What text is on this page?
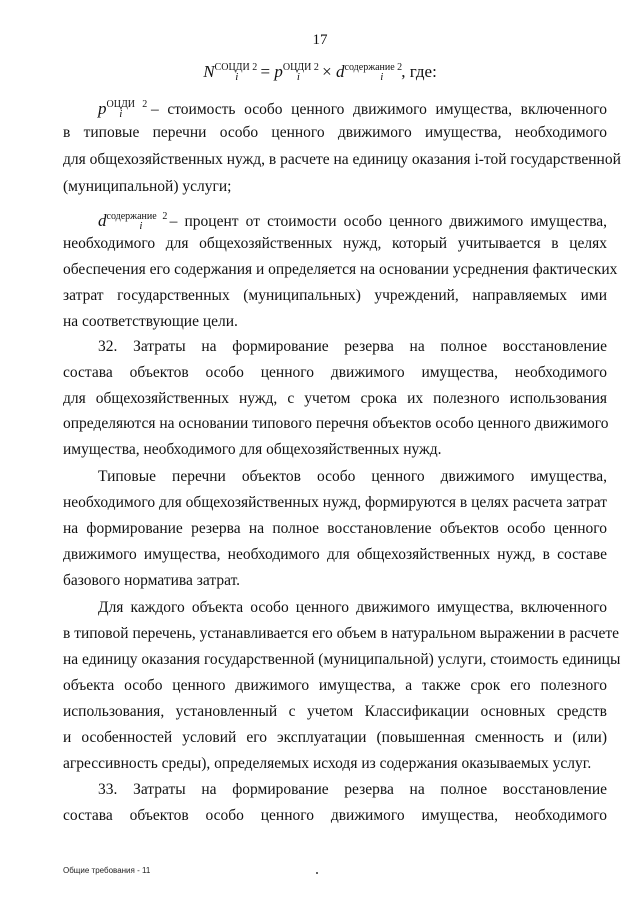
17
$N^{СОЦДИ 2}_i = p^{ОЦДИ 2}_i \times d^{содержание 2}_i$ , где:
$p^{ОЦДИ 2}_i$ – стоимость особо ценного движимого имущества, включенного
в типовые перечни особо ценного движимого имущества, необходимого
для общехозяйственных нужд, в расчете на единицу оказания i-той государственной
(муниципальной) услуги;
$d^{содержание 2}_i$ – процент от стоимости особо ценного движимого имущества,
необходимого для общехозяйственных нужд, который учитывается в целях
обеспечения его содержания и определяется на основании усреднения фактических
затрат государственных (муниципальных) учреждений, направляемых ими
на соответствующие цели.
32. Затраты на формирование резерва на полное восстановление
состава объектов особо ценного движимого имущества, необходимого
для общехозяйственных нужд, с учетом срока их полезного использования
определяются на основании типового перечня объектов особо ценного движимого
имущества, необходимого для общехозяйственных нужд.
Типовые перечни объектов особо ценного движимого имущества,
необходимого для общехозяйственных нужд, формируются в целях расчета затрат
на формирование резерва на полное восстановление объектов особо ценного
движимого имущества, необходимого для общехозяйственных нужд, в составе
базового норматива затрат.
Для каждого объекта особо ценного движимого имущества, включенного
в типовой перечень, устанавливается его объем в натуральном выражении в расчете
на единицу оказания государственной (муниципальной) услуги, стоимость единицы
объекта особо ценного движимого имущества, а также срок его полезного
использования, установленный с учетом Классификации основных средств
и особенностей условий его эксплуатации (повышенная сменность и (или)
агрессивность среды), определяемых исходя из содержания оказываемых услуг.
33. Затраты на формирование резерва на полное восстановление
состава объектов особо ценного движимого имущества, необходимого
Общие требования - 11
